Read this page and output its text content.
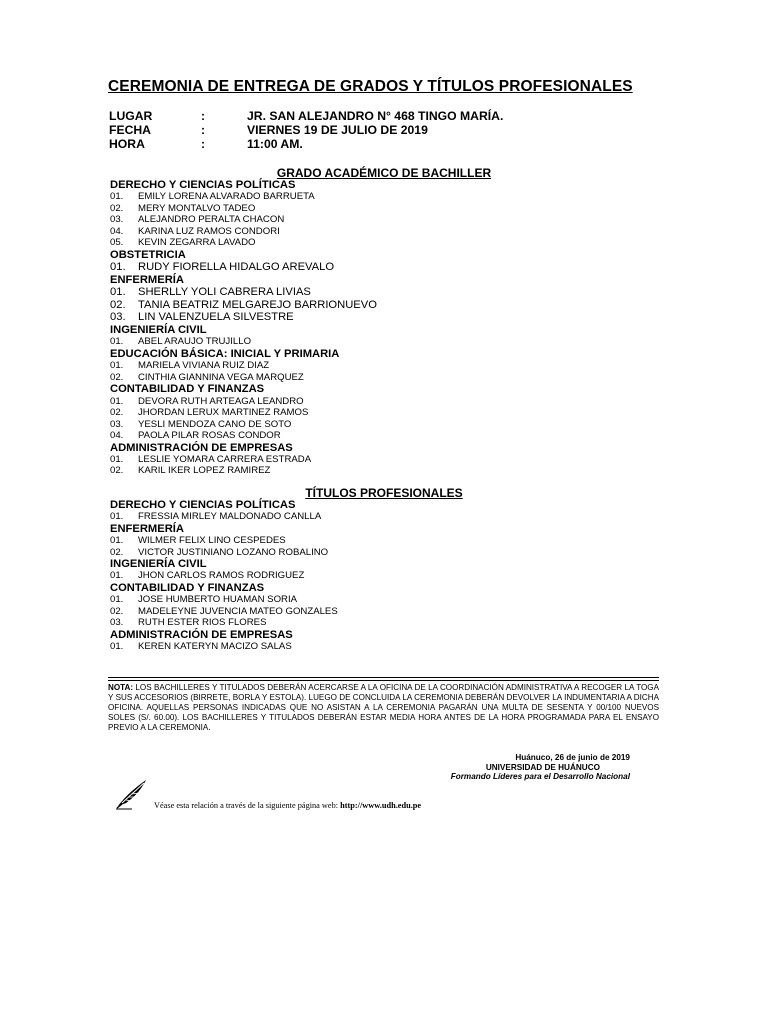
CEREMONIA DE ENTREGA DE GRADOS Y TÍTULOS PROFESIONALES
LUGAR	:	JR. SAN ALEJANDRO N° 468 TINGO MARÍA.
FECHA	:	VIERNES 19 DE JULIO DE 2019
HORA	:	11:00 AM.
GRADO ACADÉMICO DE BACHILLER
DERECHO Y CIENCIAS POLÍTICAS
01. EMILY LORENA ALVARADO BARRUETA
02. MERY MONTALVO TADEO
03. ALEJANDRO PERALTA CHACON
04. KARINA LUZ RAMOS CONDORI
05. KEVIN ZEGARRA LAVADO
OBSTETRICIA
01. RUDY FIORELLA HIDALGO AREVALO
ENFERMERÍA
01. SHERLLY YOLI CABRERA LIVIAS
02. TANIA BEATRIZ MELGAREJO BARRIONUEVO
03. LIN VALENZUELA SILVESTRE
INGENIERÍA CIVIL
01. ABEL ARAUJO TRUJILLO
EDUCACIÓN BÁSICA: INICIAL Y PRIMARIA
01. MARIELA VIVIANA RUIZ DIAZ
02. CINTHIA GIANNINA VEGA MARQUEZ
CONTABILIDAD Y FINANZAS
01. DEVORA RUTH ARTEAGA LEANDRO
02. JHORDAN LERUX MARTINEZ RAMOS
03. YESLI MENDOZA CANO DE SOTO
04. PAOLA PILAR ROSAS CONDOR
ADMINISTRACIÓN DE EMPRESAS
01. LESLIE YOMARA CARRERA ESTRADA
02. KARIL IKER LOPEZ RAMIREZ
TÍTULOS PROFESIONALES
DERECHO Y CIENCIAS POLÍTICAS
01. FRESSIA MIRLEY MALDONADO CANLLA
ENFERMERÍA
01. WILMER FELIX LINO CESPEDES
02. VICTOR JUSTINIANO LOZANO ROBALINO
INGENIERÍA CIVIL
01. JHON CARLOS RAMOS RODRIGUEZ
CONTABILIDAD Y FINANZAS
01. JOSE HUMBERTO HUAMAN SORIA
02. MADELEYNE JUVENCIA MATEO GONZALES
03. RUTH ESTER RIOS FLORES
ADMINISTRACIÓN DE EMPRESAS
01. KEREN KATERYN MACIZO SALAS
NOTA: LOS BACHILLERES Y TITULADOS DEBERÁN ACERCARSE A LA OFICINA DE LA COORDINACIÓN ADMINISTRATIVA A RECOGER LA TOGA Y SUS ACCESORIOS (BIRRETE, BORLA Y ESTOLA). LUEGO DE CONCLUIDA LA CEREMONIA DEBERÁN DEVOLVER LA INDUMENTARIA A DICHA OFICINA. AQUELLAS PERSONAS INDICADAS QUE NO ASISTAN A LA CEREMONIA PAGARÁN UNA MULTA DE SESENTA Y 00/100 NUEVOS SOLES (S/. 60.00). LOS BACHILLERES Y TITULADOS DEBERÁN ESTAR MEDIA HORA ANTES DE LA HORA PROGRAMADA PARA EL ENSAYO PREVIO A LA CEREMONIA.
Huánuco, 26 de junio de 2019
UNIVERSIDAD DE HUÁNUCO
Formando Líderes para el Desarrollo Nacional
Véase esta relación a través de la siguiente página web: http://www.udh.edu.pe
